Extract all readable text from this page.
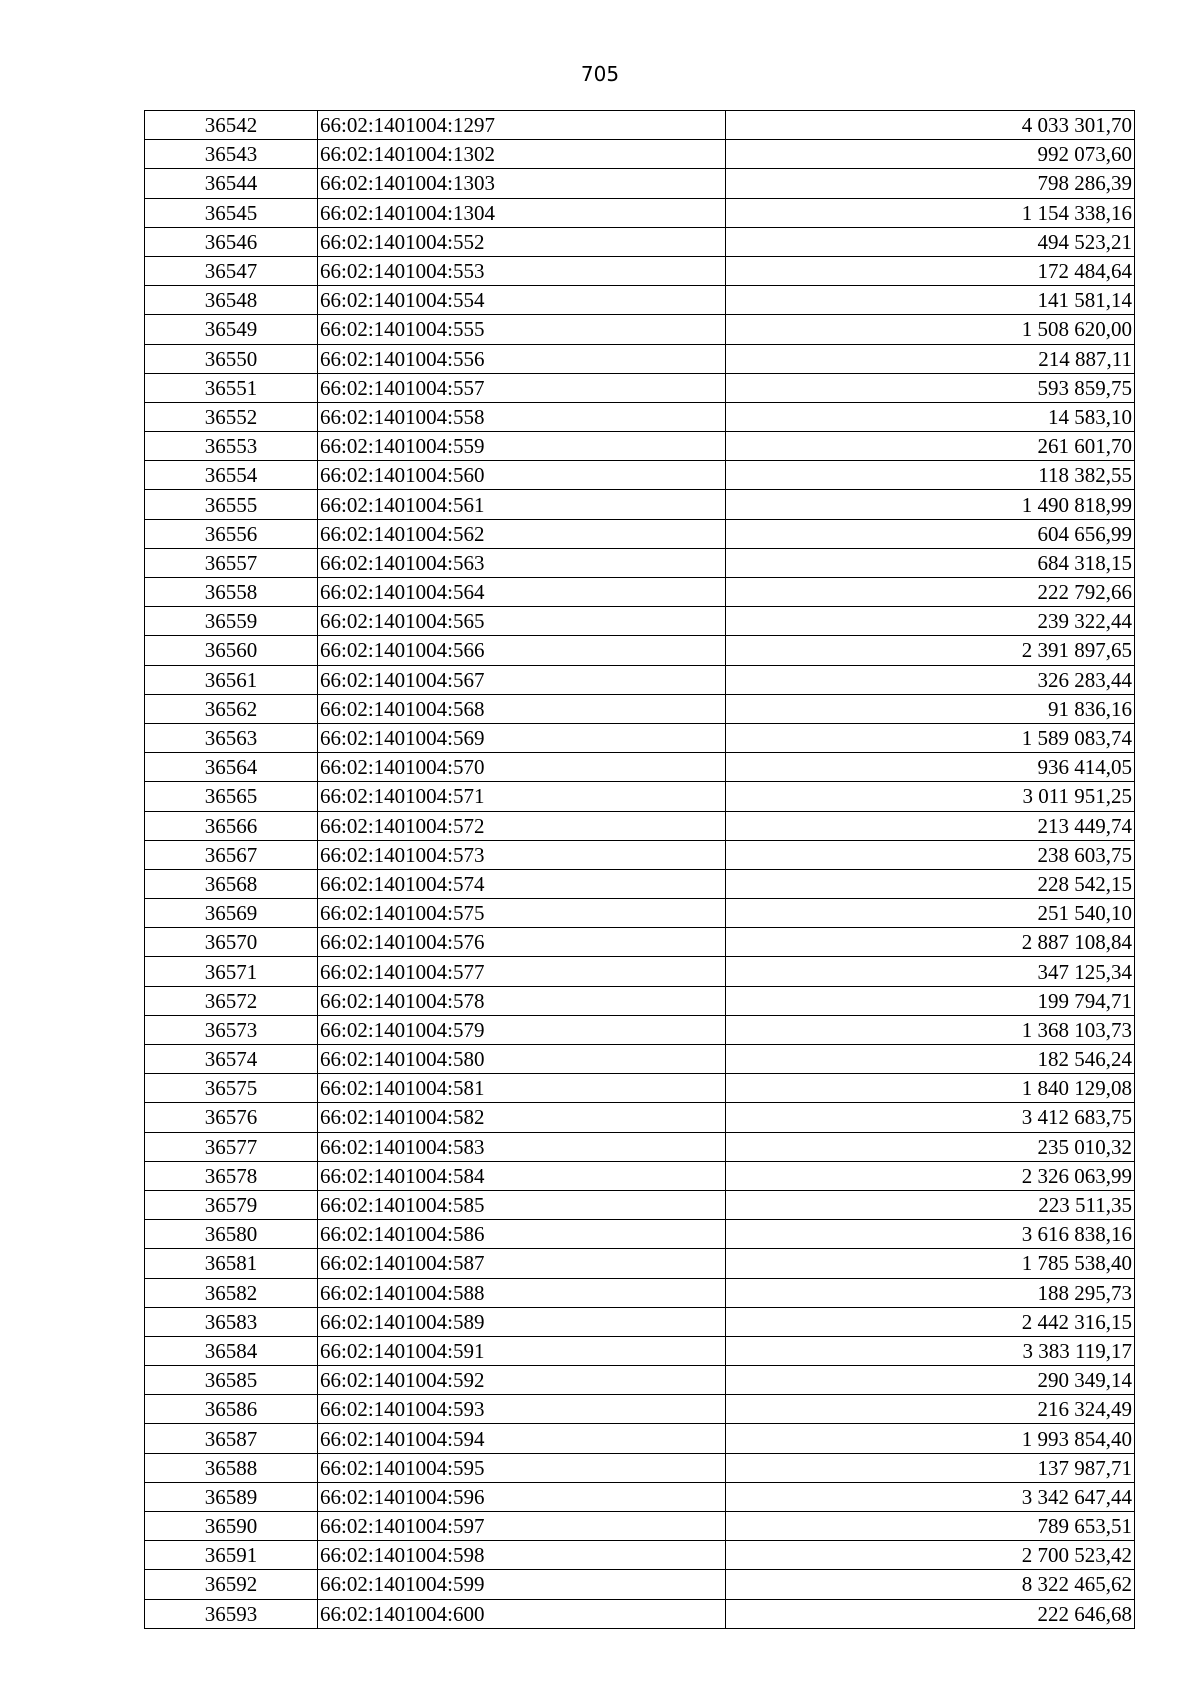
705
36542	66:02:1401004:1297	4 033 301,70
36543	66:02:1401004:1302	992 073,60
36544	66:02:1401004:1303	798 286,39
36545	66:02:1401004:1304	1 154 338,16
36546	66:02:1401004:552	494 523,21
36547	66:02:1401004:553	172 484,64
36548	66:02:1401004:554	141 581,14
36549	66:02:1401004:555	1 508 620,00
36550	66:02:1401004:556	214 887,11
36551	66:02:1401004:557	593 859,75
36552	66:02:1401004:558	14 583,10
36553	66:02:1401004:559	261 601,70
36554	66:02:1401004:560	118 382,55
36555	66:02:1401004:561	1 490 818,99
36556	66:02:1401004:562	604 656,99
36557	66:02:1401004:563	684 318,15
36558	66:02:1401004:564	222 792,66
36559	66:02:1401004:565	239 322,44
36560	66:02:1401004:566	2 391 897,65
36561	66:02:1401004:567	326 283,44
36562	66:02:1401004:568	91 836,16
36563	66:02:1401004:569	1 589 083,74
36564	66:02:1401004:570	936 414,05
36565	66:02:1401004:571	3 011 951,25
36566	66:02:1401004:572	213 449,74
36567	66:02:1401004:573	238 603,75
36568	66:02:1401004:574	228 542,15
36569	66:02:1401004:575	251 540,10
36570	66:02:1401004:576	2 887 108,84
36571	66:02:1401004:577	347 125,34
36572	66:02:1401004:578	199 794,71
36573	66:02:1401004:579	1 368 103,73
36574	66:02:1401004:580	182 546,24
36575	66:02:1401004:581	1 840 129,08
36576	66:02:1401004:582	3 412 683,75
36577	66:02:1401004:583	235 010,32
36578	66:02:1401004:584	2 326 063,99
36579	66:02:1401004:585	223 511,35
36580	66:02:1401004:586	3 616 838,16
36581	66:02:1401004:587	1 785 538,40
36582	66:02:1401004:588	188 295,73
36583	66:02:1401004:589	2 442 316,15
36584	66:02:1401004:591	3 383 119,17
36585	66:02:1401004:592	290 349,14
36586	66:02:1401004:593	216 324,49
36587	66:02:1401004:594	1 993 854,40
36588	66:02:1401004:595	137 987,71
36589	66:02:1401004:596	3 342 647,44
36590	66:02:1401004:597	789 653,51
36591	66:02:1401004:598	2 700 523,42
36592	66:02:1401004:599	8 322 465,62
36593	66:02:1401004:600	222 646,68
